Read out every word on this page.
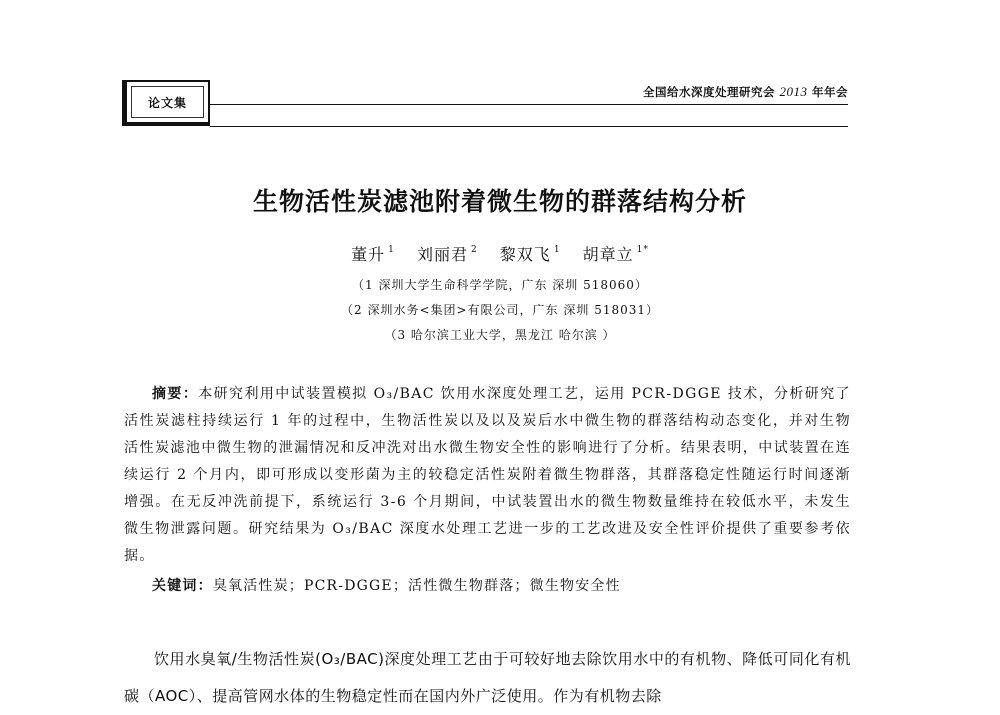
论文集
全国给水深度处理研究会 2013 年年会
生物活性炭滤池附着微生物的群落结构分析
董升 $^1$ 刘丽君 $^2$ 黎双飞 $^1$ 胡章立 $^{1*}$
（1 深圳大学生命科学学院，广东 深圳 518060）
（2 深圳水务<集团>有限公司，广东 深圳 518031）
（3 哈尔滨工业大学，黑龙江 哈尔滨 ）

摘要：本研究利用中试装置模拟 O₃/BAC 饮用水深度处理工艺，运用 PCR-DGGE 技术，分析研究了活性炭滤柱持续运行 1 年的过程中，生物活性炭以及以及炭后水中微生物的群落结构动态变化，并对生物活性炭滤池中微生物的泄漏情况和反冲洗对出水微生物安全性的影响进行了分析。结果表明，中试装置在连续运行 2 个月内，即可形成以变形菌为主的较稳定活性炭附着微生物群落，其群落稳定性随运行时间逐渐增强。在无反冲洗前提下，系统运行 3-6 个月期间，中试装置出水的微生物数量维持在较低水平，未发生微生物泄露问题。研究结果为 O₃/BAC 深度水处理工艺进一步的工艺改进及安全性评价提供了重要参考依据。

关键词：臭氧活性炭；PCR-DGGE；活性微生物群落；微生物安全性

饮用水臭氧/生物活性炭(O₃/BAC)深度处理工艺由于可较好地去除饮用水中的有机物、降低可同化有机碳（AOC）、提高管网水体的生物稳定性而在国内外广泛使用。作为有机物去除
